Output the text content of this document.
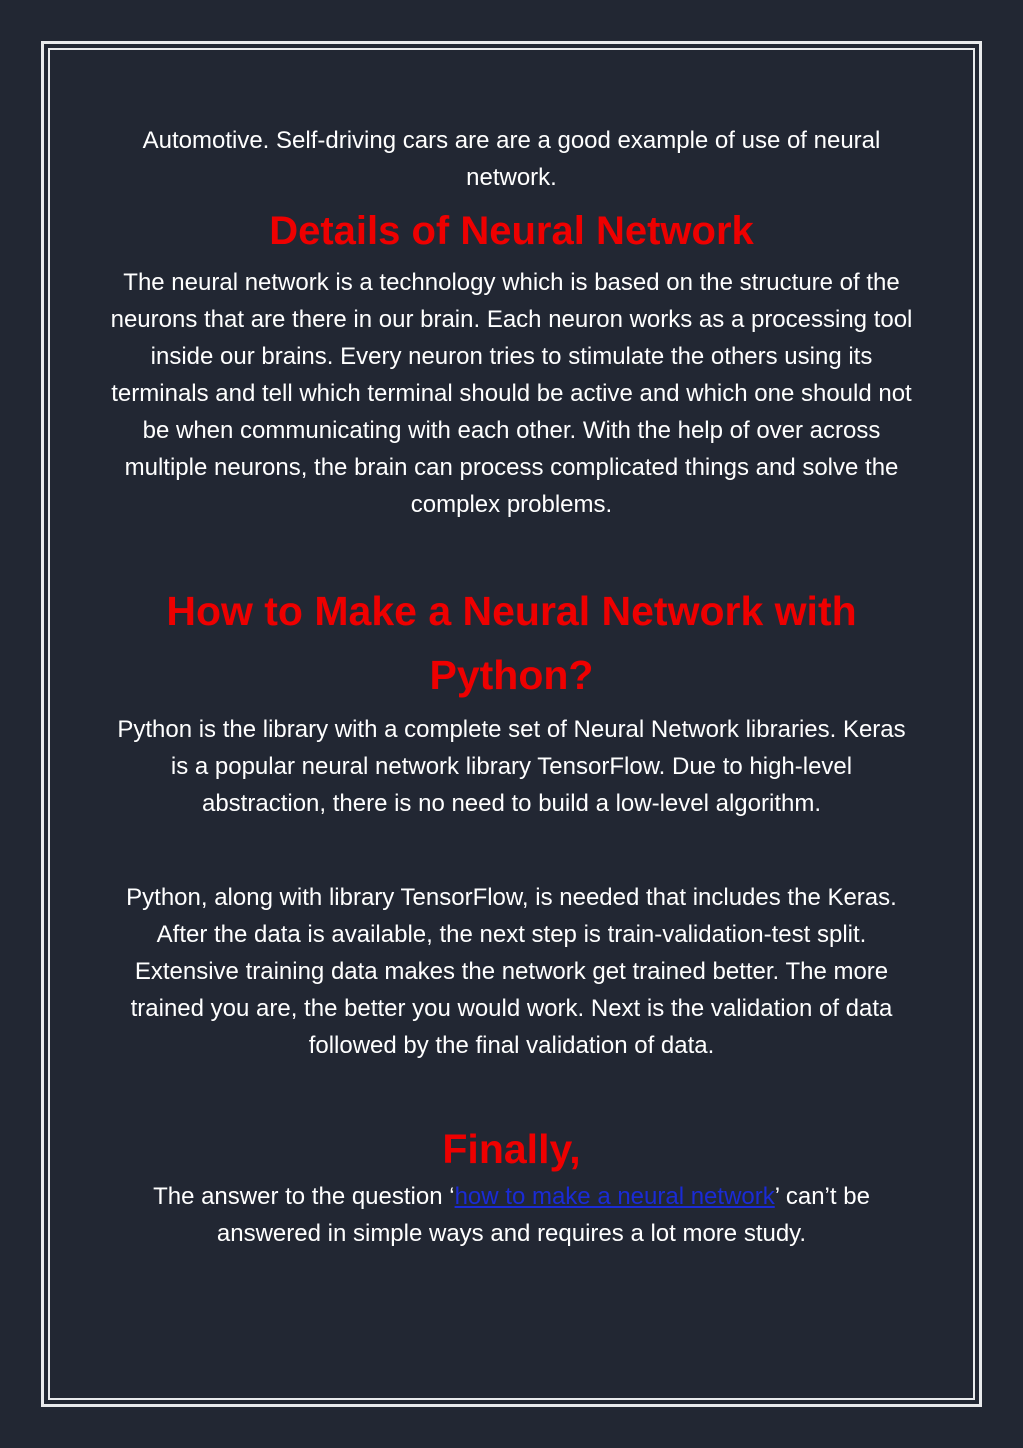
Automotive. Self-driving cars are are a good example of use of neural network.

Details of Neural Network

The neural network is a technology which is based on the structure of the neurons that are there in our brain. Each neuron works as a processing tool inside our brains. Every neuron tries to stimulate the others using its terminals and tell which terminal should be active and which one should not be when communicating with each other. With the help of over across multiple neurons, the brain can process complicated things and solve the complex problems.

How to Make a Neural Network with Python?

Python is the library with a complete set of Neural Network libraries. Keras is a popular neural network library TensorFlow. Due to high-level abstraction, there is no need to build a low-level algorithm.

Python, along with library TensorFlow, is needed that includes the Keras. After the data is available, the next step is train-validation-test split. Extensive training data makes the network get trained better. The more trained you are, the better you would work. Next is the validation of data followed by the final validation of data.

Finally,

The answer to the question ‘how to make a neural network’ can’t be answered in simple ways and requires a lot more study.
